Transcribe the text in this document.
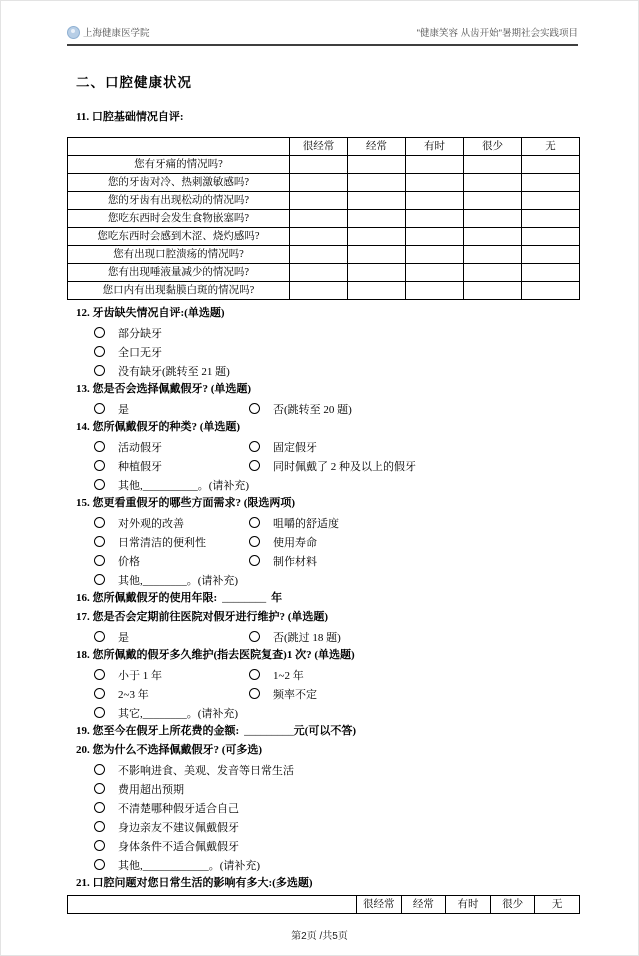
上海健康医学院	"健康笑容 从齿开始"暑期社会实践项目
二、口腔健康状况
11. 口腔基础情况自评:
	很经常	经常	有时	很少	无
您有牙痛的情况吗?					
您的牙齿对冷、热刺激敏感吗?					
您的牙齿有出现松动的情况吗?					
您吃东西时会发生食物嵌塞吗?					
您吃东西时会感到木涩、烧灼感吗?					
您有出现口腔溃疡的情况吗?					
您有出现唾液量减少的情况吗?					
您口内有出现黏膜白斑的情况吗?					
12. 牙齿缺失情况自评:(单选题)
部分缺牙
全口无牙
没有缺牙(跳转至 21 题)
13. 您是否会选择佩戴假牙? (单选题)
是	否(跳转至 20 题)
14. 您所佩戴假牙的种类? (单选题)
活动假牙	固定假牙
种植假牙	同时佩戴了 2 种及以上的假牙
其他,__________。(请补充)
15. 您更看重假牙的哪些方面需求? (限选两项)
对外观的改善	咀嚼的舒适度
日常清洁的便利性	使用寿命
价格	制作材料
其他,________。(请补充)
16. 您所佩戴假牙的使用年限: ________ 年
17. 您是否会定期前往医院对假牙进行维护? (单选题)
是	否(跳过 18 题)
18. 您所佩戴的假牙多久维护(指去医院复查)1 次? (单选题)
小于 1 年	1~2 年
2~3 年	频率不定
其它,________。(请补充)
19. 您至今在假牙上所花费的金额: _________元(可以不答)
20. 您为什么不选择佩戴假牙? (可多选)
不影响进食、美观、发音等日常生活
费用超出预期
不清楚哪种假牙适合自己
身边亲友不建议佩戴假牙
身体条件不适合佩戴假牙
其他,____________。(请补充)
21. 口腔问题对您日常生活的影响有多大:(多选题)
	很经常	经常	有时	很少	无
第2页 /共5页
